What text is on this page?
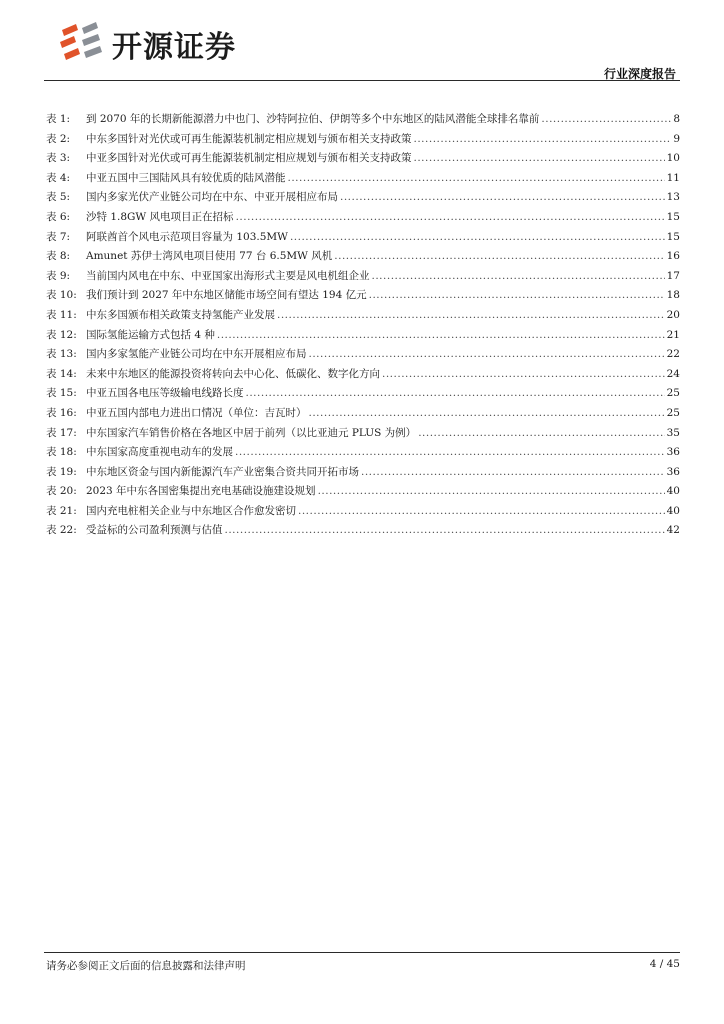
开源证券
行业深度报告
表 1:	到 2070 年的长期新能源潜力中也门、沙特阿拉伯、伊朗等多个中东地区的陆风潜能全球排名靠前 .....	8
表 2:	中东多国针对光伏或可再生能源装机制定相应规划与颁布相关支持政策 .....	9
表 3:	中亚多国针对光伏或可再生能源装机制定相应规划与颁布相关支持政策 .....	10
表 4:	中亚五国中三国陆风具有较优质的陆风潜能 .....	11
表 5:	国内多家光伏产业链公司均在中东、中亚开展相应布局 .....	13
表 6:	沙特 1.8GW 风电项目正在招标 .....	15
表 7:	阿联酋首个风电示范项目容量为 103.5MW .....	15
表 8:	Amunet 苏伊士湾风电项目使用 77 台 6.5MW 风机 .....	16
表 9:	当前国内风电在中东、中亚国家出海形式主要是风电机组企业 .....	17
表 10: 我们预计到 2027 年中东地区储能市场空间有望达 194 亿元 .....	18
表 11: 中东多国颁布相关政策支持氢能产业发展 .....	20
表 12: 国际氢能运输方式包括 4 种 .....	21
表 13: 国内多家氢能产业链公司均在中东开展相应布局 .....	22
表 14: 未来中东地区的能源投资将转向去中心化、低碳化、数字化方向 .....	24
表 15: 中亚五国各电压等级输电线路长度 .....	25
表 16: 中亚五国内部电力进出口情况（单位：吉瓦时） .....	25
表 17: 中东国家汽车销售价格在各地区中居于前列（以比亚迪元 PLUS 为例） .....	35
表 18: 中东国家高度重视电动车的发展 .....	36
表 19: 中东地区资金与国内新能源汽车产业密集合资共同开拓市场 .....	36
表 20: 2023 年中东各国密集提出充电基础设施建设规划 .....	40
表 21: 国内充电桩相关企业与中东地区合作愈发密切 .....	40
表 22: 受益标的公司盈利预测与估值 .....	42
请务必参阅正文后面的信息披露和法律声明	4 / 45
